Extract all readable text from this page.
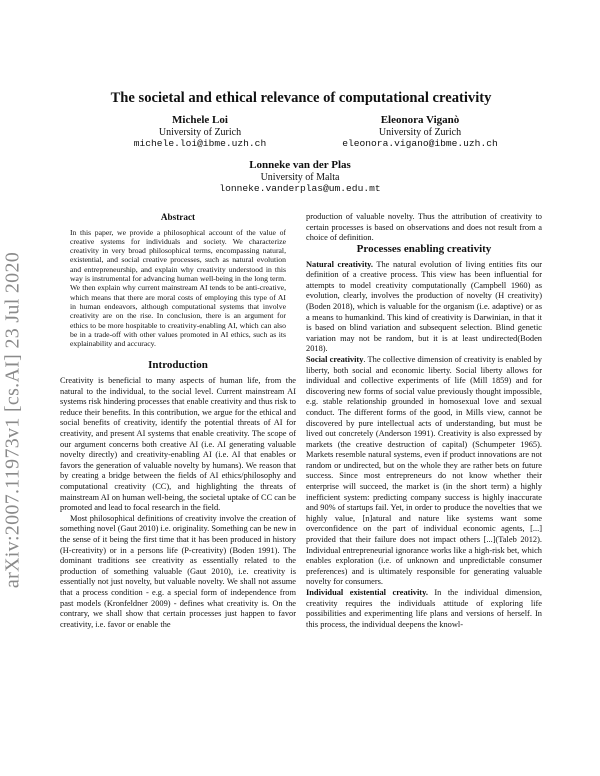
arXiv:2007.11973v1 [cs.AI] 23 Jul 2020
The societal and ethical relevance of computational creativity
Michele Loi
University of Zurich
michele.loi@ibme.uzh.ch
Eleonora Viganò
University of Zurich
eleonora.vigano@ibme.uzh.ch
Lonneke van der Plas
University of Malta
lonneke.vanderplas@um.edu.mt
Abstract

In this paper, we provide a philosophical account of the value of creative systems for individuals and society. We characterize creativity in very broad philosophical terms, encompassing natural, existential, and social creative processes, such as natural evolution and entrepreneurship, and explain why creativity understood in this way is instrumental for advancing human well-being in the long term. We then explain why current mainstream AI tends to be anti-creative, which means that there are moral costs of employing this type of AI in human endeavors, although computational systems that involve creativity are on the rise. In conclusion, there is an argument for ethics to be more hospitable to creativity-enabling AI, which can also be in a trade-off with other values promoted in AI ethics, such as its explainability and accuracy.

Introduction

Creativity is beneficial to many aspects of human life, from the natural to the individual, to the social level. Current mainstream AI systems risk hindering processes that enable creativity and thus risk to reduce their benefits. In this contribution, we argue for the ethical and social benefits of creativity, identify the potential threats of AI for creativity, and present AI systems that enable creativity. The scope of our argument concerns both creative AI (i.e. AI generating valuable novelty directly) and creativity-enabling AI (i.e. AI that enables or favors the generation of valuable novelty by humans). We reason that by creating a bridge between the fields of AI ethics/philosophy and computational creativity (CC), and highlighting the threats of mainstream AI on human well-being, the societal uptake of CC can be promoted and lead to focal research in the field.

Most philosophical definitions of creativity involve the creation of something novel (Gaut 2010) i.e. originality. Something can be new in the sense of it being the first time that it has been produced in history (H-creativity) or in a persons life (P-creativity) (Boden 1991). The dominant traditions see creativity as essentially related to the production of something valuable (Gaut 2010), i.e. creativity is essentially not just novelty, but valuable novelty. We shall not assume that a process condition - e.g. a special form of independence from past models (Kronfeldner 2009) - defines what creativity is. On the contrary, we shall show that certain processes just happen to favor creativity, i.e. favor or enable the

production of valuable novelty. Thus the attribution of creativity to certain processes is based on observations and does not result from a choice of definition.

Processes enabling creativity

Natural creativity. The natural evolution of living entities fits our definition of a creative process. This view has been influential for attempts to model creativity computationally (Campbell 1960) as evolution, clearly, involves the production of novelty (H creativity) (Boden 2018), which is valuable for the organism (i.e. adaptive) or as a means to humankind. This kind of creativity is Darwinian, in that it is based on blind variation and subsequent selection. Blind genetic variation may not be random, but it is at least undirected(Boden 2018).

Social creativity. The collective dimension of creativity is enabled by liberty, both social and economic liberty. Social liberty allows for individual and collective experiments of life (Mill 1859) and for discovering new forms of social value previously thought impossible, e.g. stable relationship grounded in homosexual love and sexual conduct. The different forms of the good, in Mills view, cannot be discovered by pure intellectual acts of understanding, but must be lived out concretely (Anderson 1991). Creativity is also expressed by markets (the creative destruction of capital) (Schumpeter 1965). Markets resemble natural systems, even if product innovations are not random or undirected, but on the whole they are rather bets on future success. Since most entrepreneurs do not know whether their enterprise will succeed, the market is (in the short term) a highly inefficient system: predicting company success is highly inaccurate and 90% of startups fail. Yet, in order to produce the novelties that we highly value, [n]atural and nature like systems want some overconfidence on the part of individual economic agents, [...] provided that their failure does not impact others [...](Taleb 2012). Individual entrepreneurial ignorance works like a high-risk bet, which enables exploration (i.e. of unknown and unpredictable consumer preferences) and is ultimately responsible for generating valuable novelty for consumers.

Individual existential creativity. In the individual dimension, creativity requires the individuals attitude of exploring life possibilities and experimenting life plans and versions of herself. In this process, the individual deepens the knowl-
